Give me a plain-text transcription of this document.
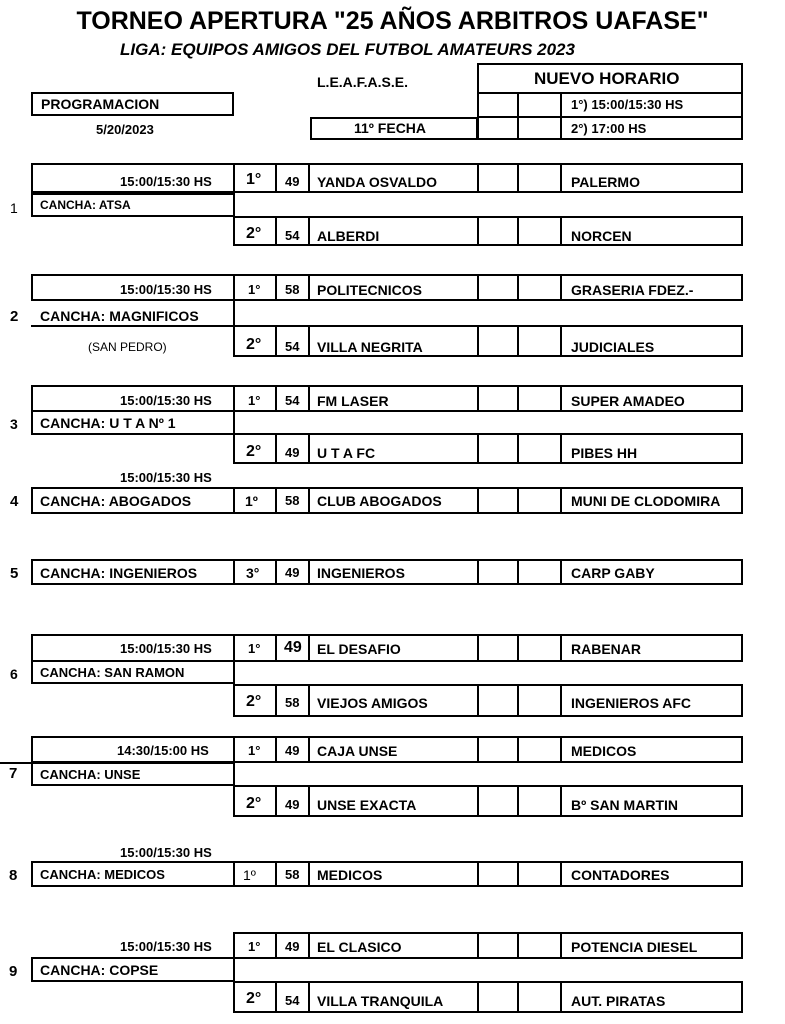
TORNEO APERTURA "25 AÑOS ARBITROS UAFASE"
LIGA: EQUIPOS AMIGOS DEL FUTBOL AMATEURS 2023
L.E.A.F.A.S.E.
PROGRAMACION
5/20/2023	11º FECHA
NUEVO HORARIO
1°) 15:00/15:30 HS
2°) 17:00 HS
15:00/15:30 HS 1° 49 YANDA OSVALDO	PALERMO
1 CANCHA: ATSA
2° 54 ALBERDI	NORCEN
15:00/15:30 HS	1° 58 POLITECNICOS	GRASERIA FDEZ.-
2 CANCHA: MAGNIFICOS
(SAN PEDRO)	2° 54 VILLA NEGRITA	JUDICIALES
15:00/15:30 HS	1° 54 FM LASER	SUPER AMADEO
3 CANCHA: U T A Nº 1
2° 49 U T A FC	PIBES HH
15:00/15:30 HS
4 CANCHA: ABOGADOS	1º 58 CLUB ABOGADOS	MUNI DE CLODOMIRA
5 CANCHA: INGENIEROS	3° 49 INGENIEROS	CARP GABY
15:00/15:30 HS	1° 49 EL DESAFIO	RABENAR
6 CANCHA: SAN RAMON
2° 58 VIEJOS AMIGOS	INGENIEROS AFC
14:30/15:00 HS	1° 49 CAJA UNSE	MEDICOS
7 CANCHA: UNSE
2° 49 UNSE EXACTA	Bº SAN MARTIN
15:00/15:30 HS
8 CANCHA: MEDICOS	1º 58 MEDICOS	CONTADORES
15:00/15:30 HS	1° 49 EL CLASICO	POTENCIA DIESEL
9 CANCHA: COPSE
2° 54 VILLA TRANQUILA	AUT. PIRATAS
